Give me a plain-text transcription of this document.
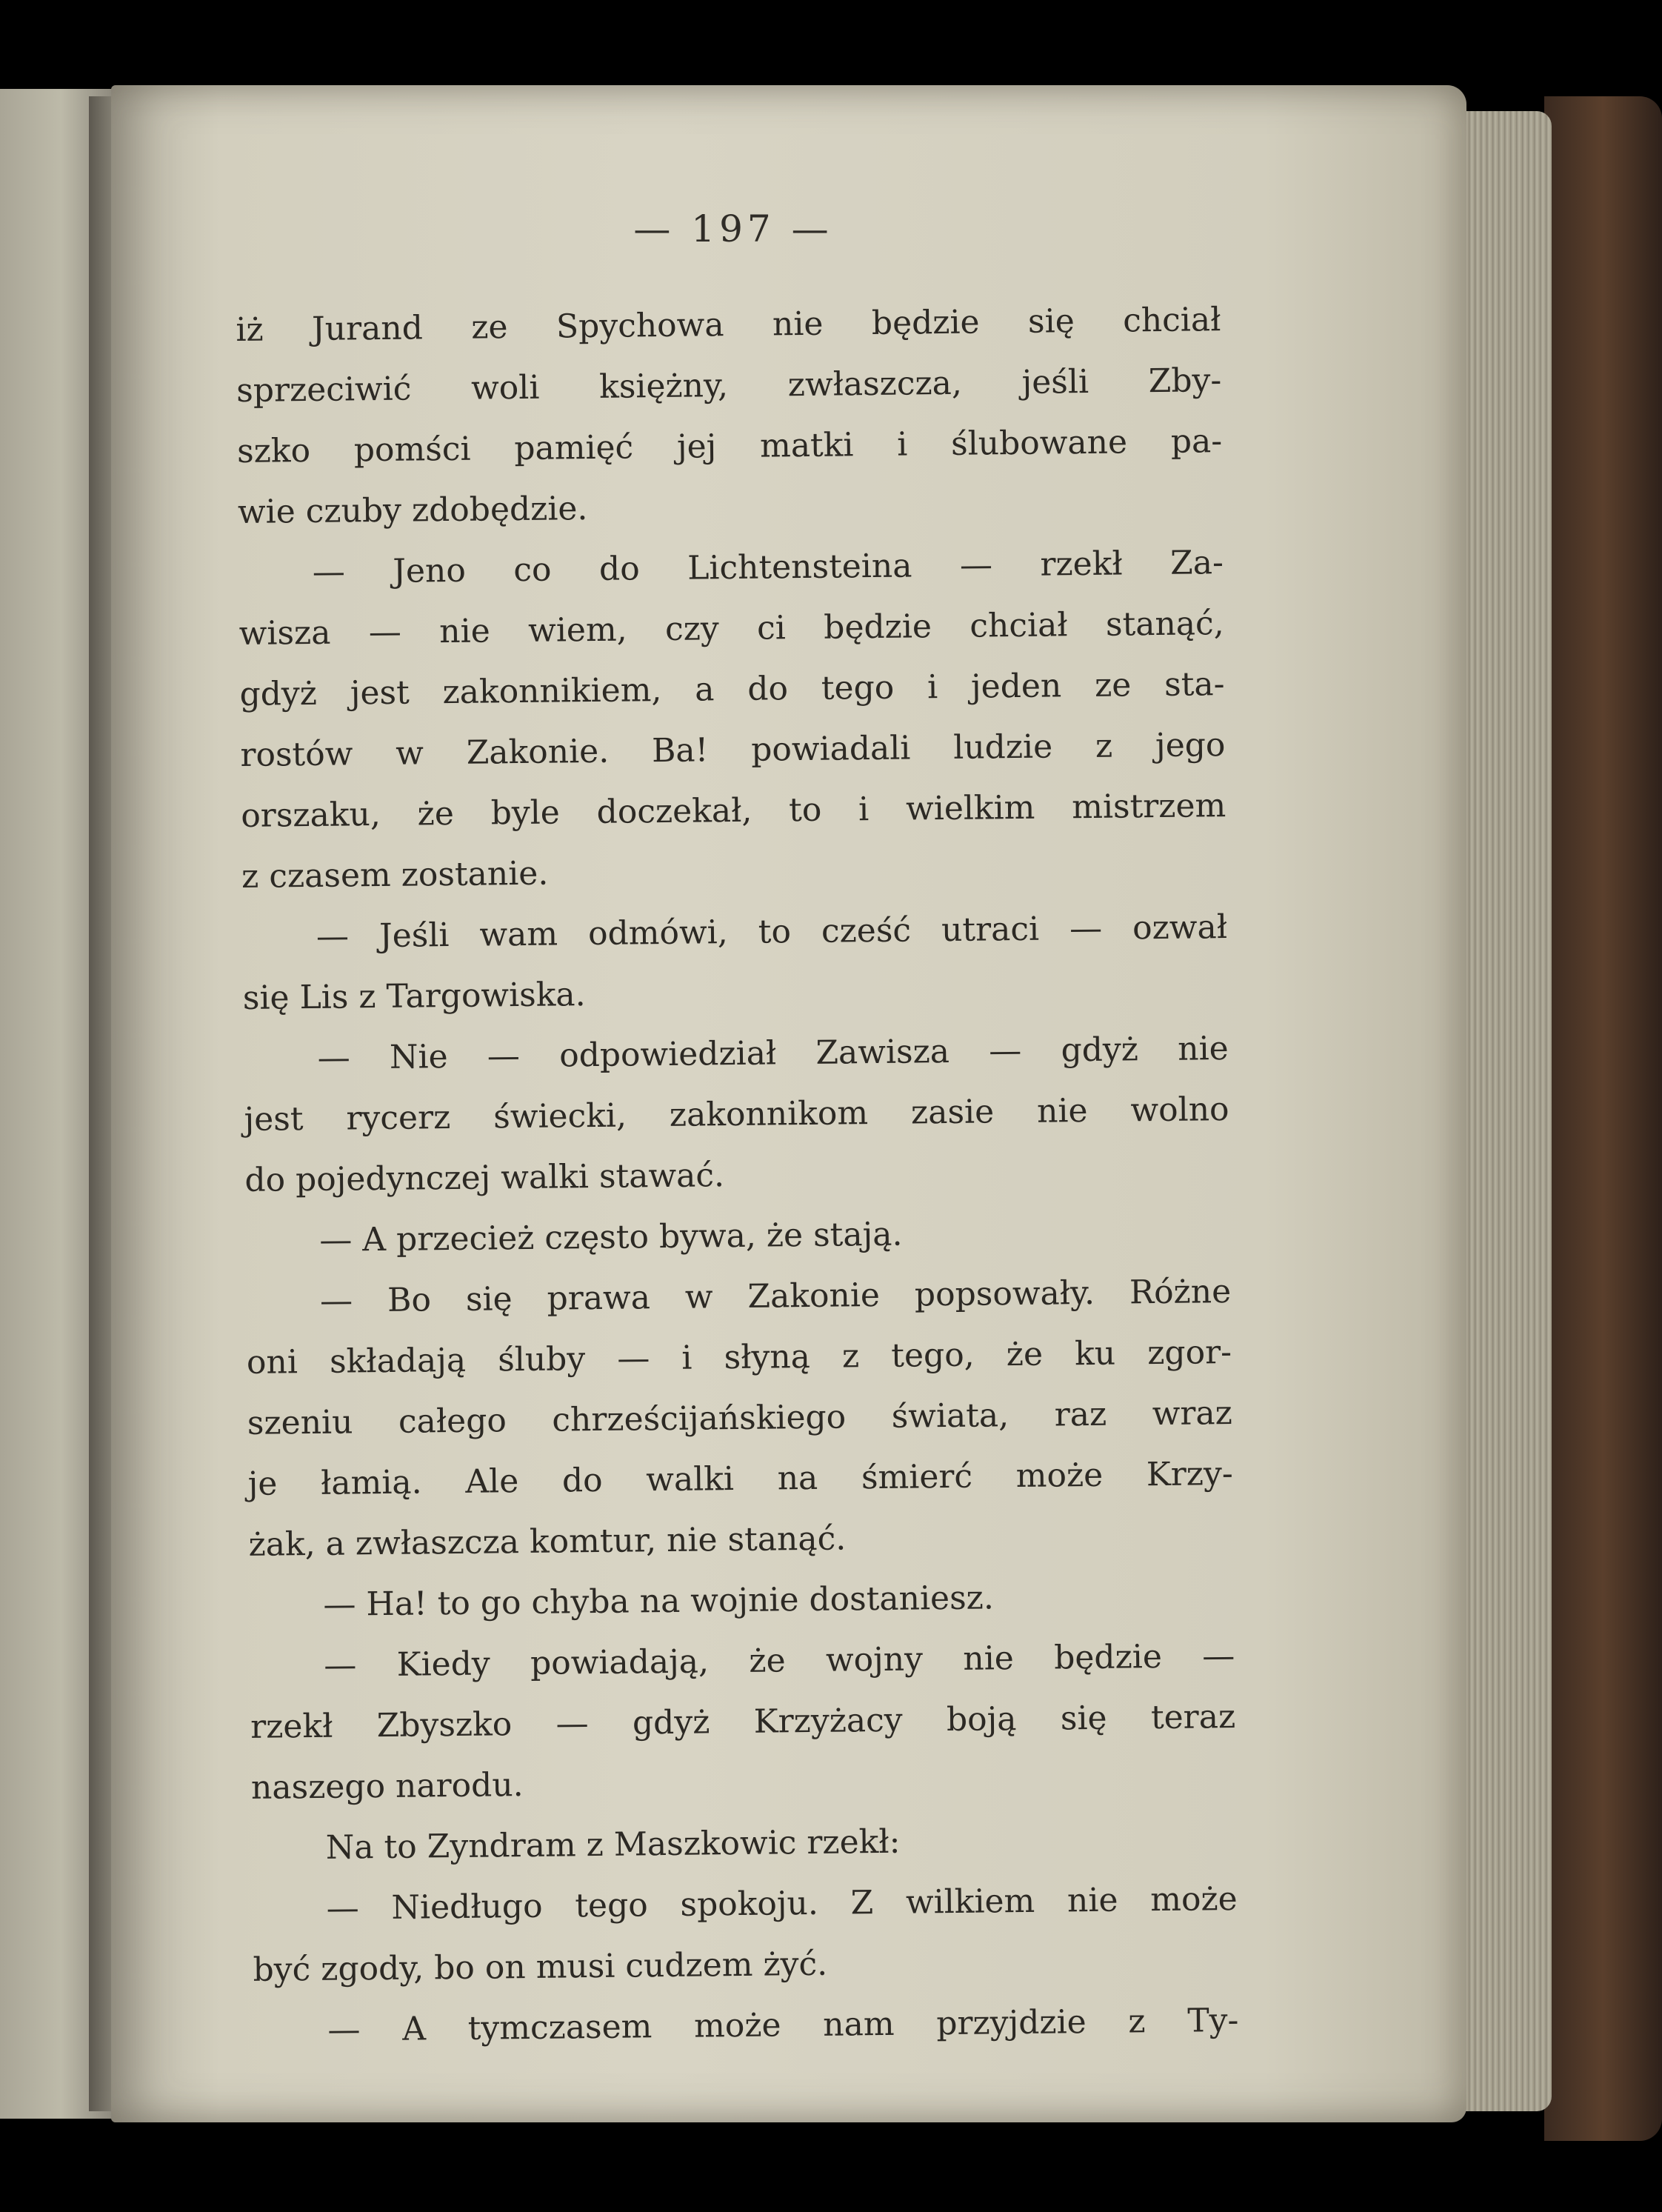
— 197 —
iż Jurand ze Spychowa nie będzie się chciał
sprzeciwić woli księżny, zwłaszcza, jeśli Zby-
szko pomści pamięć jej matki i ślubowane pa-
wie czuby zdobędzie.
— Jeno co do Lichtensteina — rzekł Za-
wisza — nie wiem, czy ci będzie chciał stanąć,
gdyż jest zakonnikiem, a do tego i jeden ze sta-
rostów w Zakonie. Ba! powiadali ludzie z jego
orszaku, że byle doczekał, to i wielkim mistrzem
z czasem zostanie.
— Jeśli wam odmówi, to cześć utraci — ozwał
się Lis z Targowiska.
— Nie — odpowiedział Zawisza — gdyż nie
jest rycerz świecki, zakonnikom zasie nie wolno
do pojedynczej walki stawać.
— A przecież często bywa, że stają.
— Bo się prawa w Zakonie popsowały. Różne
oni składają śluby — i słyną z tego, że ku zgor-
szeniu całego chrześcijańskiego świata, raz wraz
je łamią. Ale do walki na śmierć może Krzy-
żak, a zwłaszcza komtur, nie stanąć.
— Ha! to go chyba na wojnie dostaniesz.
— Kiedy powiadają, że wojny nie będzie —
rzekł Zbyszko — gdyż Krzyżacy boją się teraz
naszego narodu.
Na to Zyndram z Maszkowic rzekł:
— Niedługo tego spokoju. Z wilkiem nie może
być zgody, bo on musi cudzem żyć.
— A tymczasem może nam przyjdzie z Ty-
